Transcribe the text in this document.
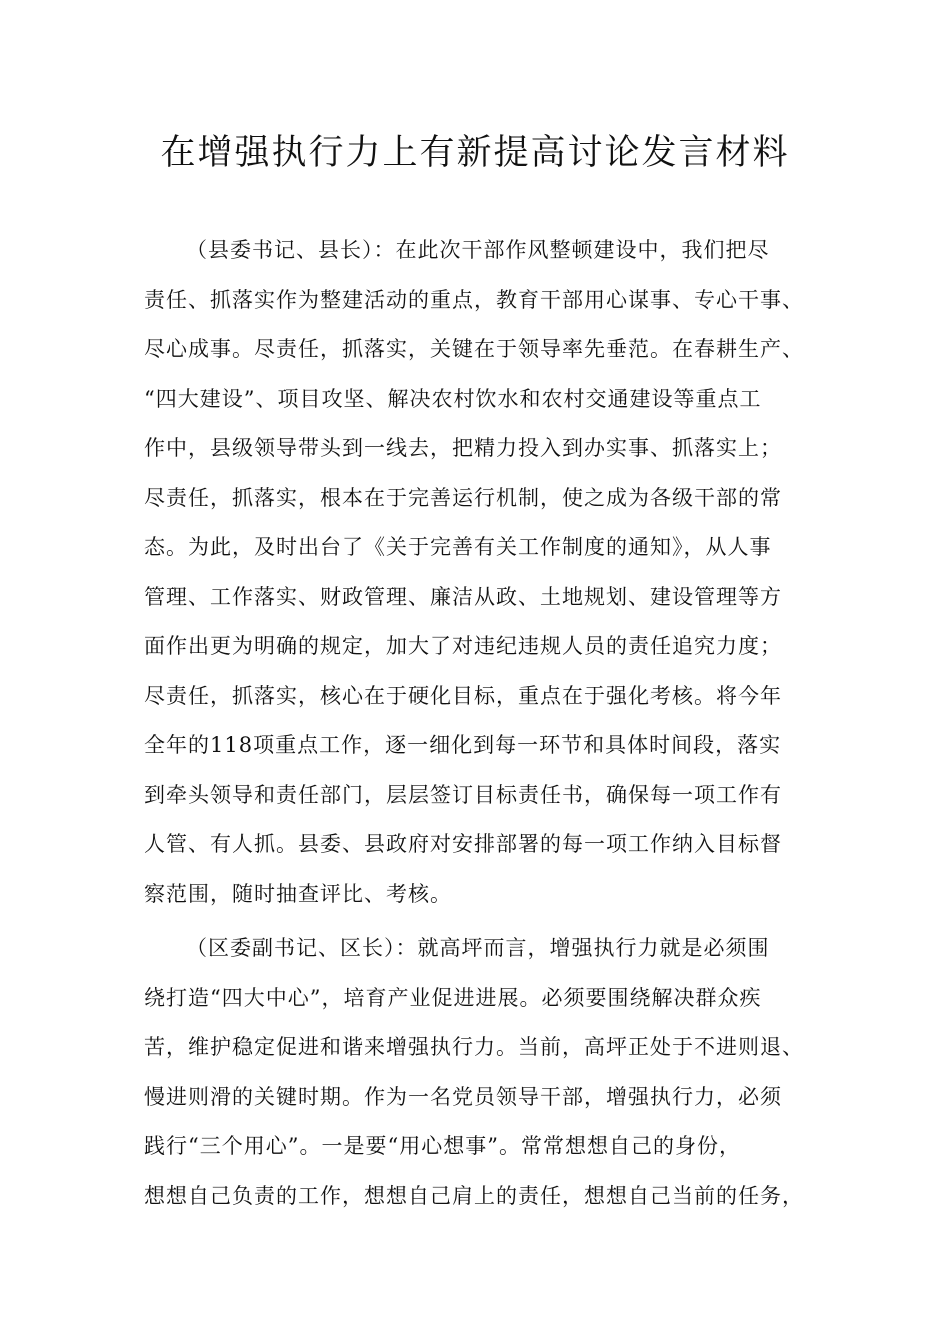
在增强执行力上有新提高讨论发言材料
（县委书记、县长）：在此次干部作风整顿建设中，我们把尽
责任、抓落实作为整建活动的重点，教育干部用心谋事、专心干事、
尽心成事。尽责任，抓落实，关键在于领导率先垂范。在春耕生产、
“四大建设”、项目攻坚、解决农村饮水和农村交通建设等重点工
作中，县级领导带头到一线去，把精力投入到办实事、抓落实上；
尽责任，抓落实，根本在于完善运行机制，使之成为各级干部的常
态。为此，及时出台了《关于完善有关工作制度的通知》，从人事
管理、工作落实、财政管理、廉洁从政、土地规划、建设管理等方
面作出更为明确的规定，加大了对违纪违规人员的责任追究力度；
尽责任，抓落实，核心在于硬化目标，重点在于强化考核。将今年
全年的118项重点工作，逐一细化到每一环节和具体时间段，落实
到牵头领导和责任部门，层层签订目标责任书，确保每一项工作有
人管、有人抓。县委、县政府对安排部署的每一项工作纳入目标督
察范围，随时抽查评比、考核。
（区委副书记、区长）：就高坪而言，增强执行力就是必须围
绕打造“四大中心”，培育产业促进进展。必须要围绕解决群众疾
苦，维护稳定促进和谐来增强执行力。当前，高坪正处于不进则退、
慢进则滑的关键时期。作为一名党员领导干部，增强执行力，必须
践行“三个用心”。一是要“用心想事”。常常想想自己的身份，
想想自己负责的工作，想想自己肩上的责任，想想自己当前的任务，
